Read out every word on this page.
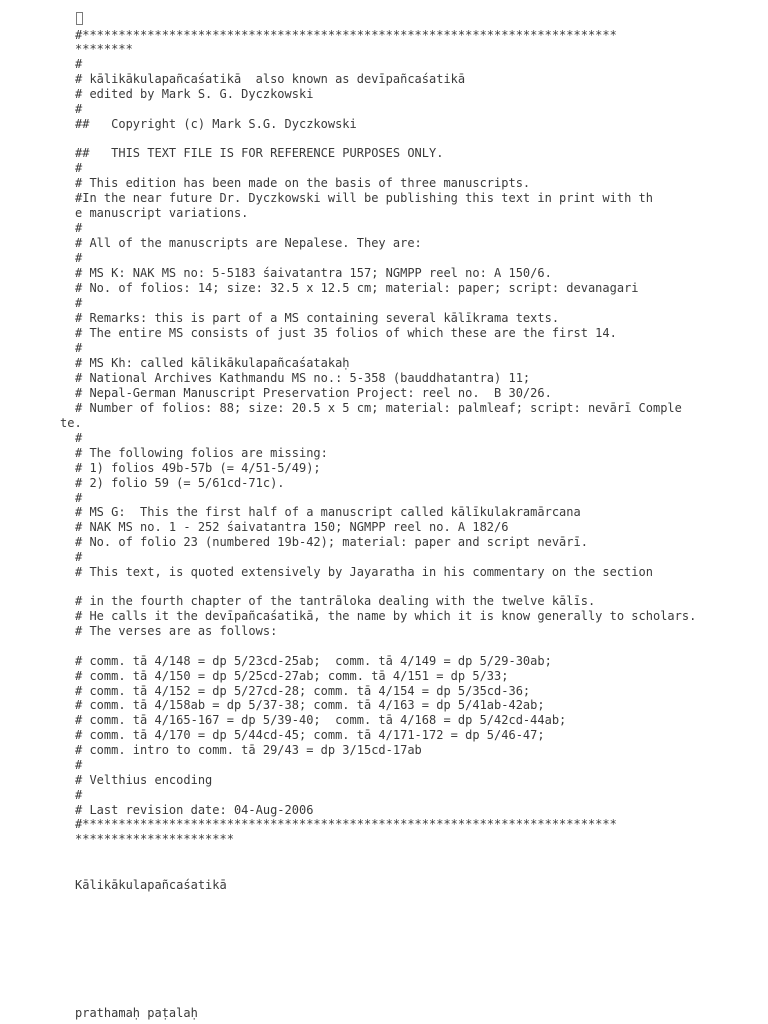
#**************************************************************************

********

#

# kālikākulapañcaśatikā  also known as devīpañcaśatikā

# edited by Mark S. G. Dyczkowski

#

##   Copyright (c) Mark S.G. Dyczkowski

##   THIS TEXT FILE IS FOR REFERENCE PURPOSES ONLY.

#

# This edition has been made on the basis of three manuscripts.

#In the near future Dr. Dyczkowski will be publishing this text in print with th

e manuscript variations.

#

# All of the manuscripts are Nepalese. They are:

#

# MS K: NAK MS no: 5-5183 śaivatantra 157; NGMPP reel no: A 150/6.

# No. of folios: 14; size: 32.5 x 12.5 cm; material: paper; script: devanagari

#

# Remarks: this is part of a MS containing several kālīkrama texts.

# The entire MS consists of just 35 folios of which these are the first 14.

#

# MS Kh: called kālikākulapañcaśatakaḥ

# National Archives Kathmandu MS no.: 5-358 (bauddhatantra) 11;

# Nepal-German Manuscript Preservation Project: reel no.  B 30/26.

# Number of folios: 88; size: 20.5 x 5 cm; material: palmleaf; script: nevārī Comple

te.

#

# The following folios are missing:

# 1) folios 49b-57b (= 4/51-5/49);

# 2) folio 59 (= 5/61cd-71c).

#

# MS G:  This the first half of a manuscript called kālīkulakramārcana

# NAK MS no. 1 - 252 śaivatantra 150; NGMPP reel no. A 182/6

# No. of folio 23 (numbered 19b-42); material: paper and script nevārī.

#

# This text, is quoted extensively by Jayaratha in his commentary on the section

# in the fourth chapter of the tantrāloka dealing with the twelve kālīs.

# He calls it the devīpañcaśatikā, the name by which it is know generally to scholars.

# The verses are as follows:

# comm. tā 4/148 = dp 5/23cd-25ab;  comm. tā 4/149 = dp 5/29-30ab;

# comm. tā 4/150 = dp 5/25cd-27ab; comm. tā 4/151 = dp 5/33;

# comm. tā 4/152 = dp 5/27cd-28; comm. tā 4/154 = dp 5/35cd-36;

# comm. tā 4/158ab = dp 5/37-38; comm. tā 4/163 = dp 5/41ab-42ab;

# comm. tā 4/165-167 = dp 5/39-40;  comm. tā 4/168 = dp 5/42cd-44ab;

# comm. tā 4/170 = dp 5/44cd-45; comm. tā 4/171-172 = dp 5/46-47;

# comm. intro to comm. tā 29/43 = dp 3/15cd-17ab

#

# Velthius encoding

#

# Last revision date: 04-Aug-2006

#**************************************************************************

**********************

Kālikākulapañcaśatikā

prathamaḥ paṭalaḥ
